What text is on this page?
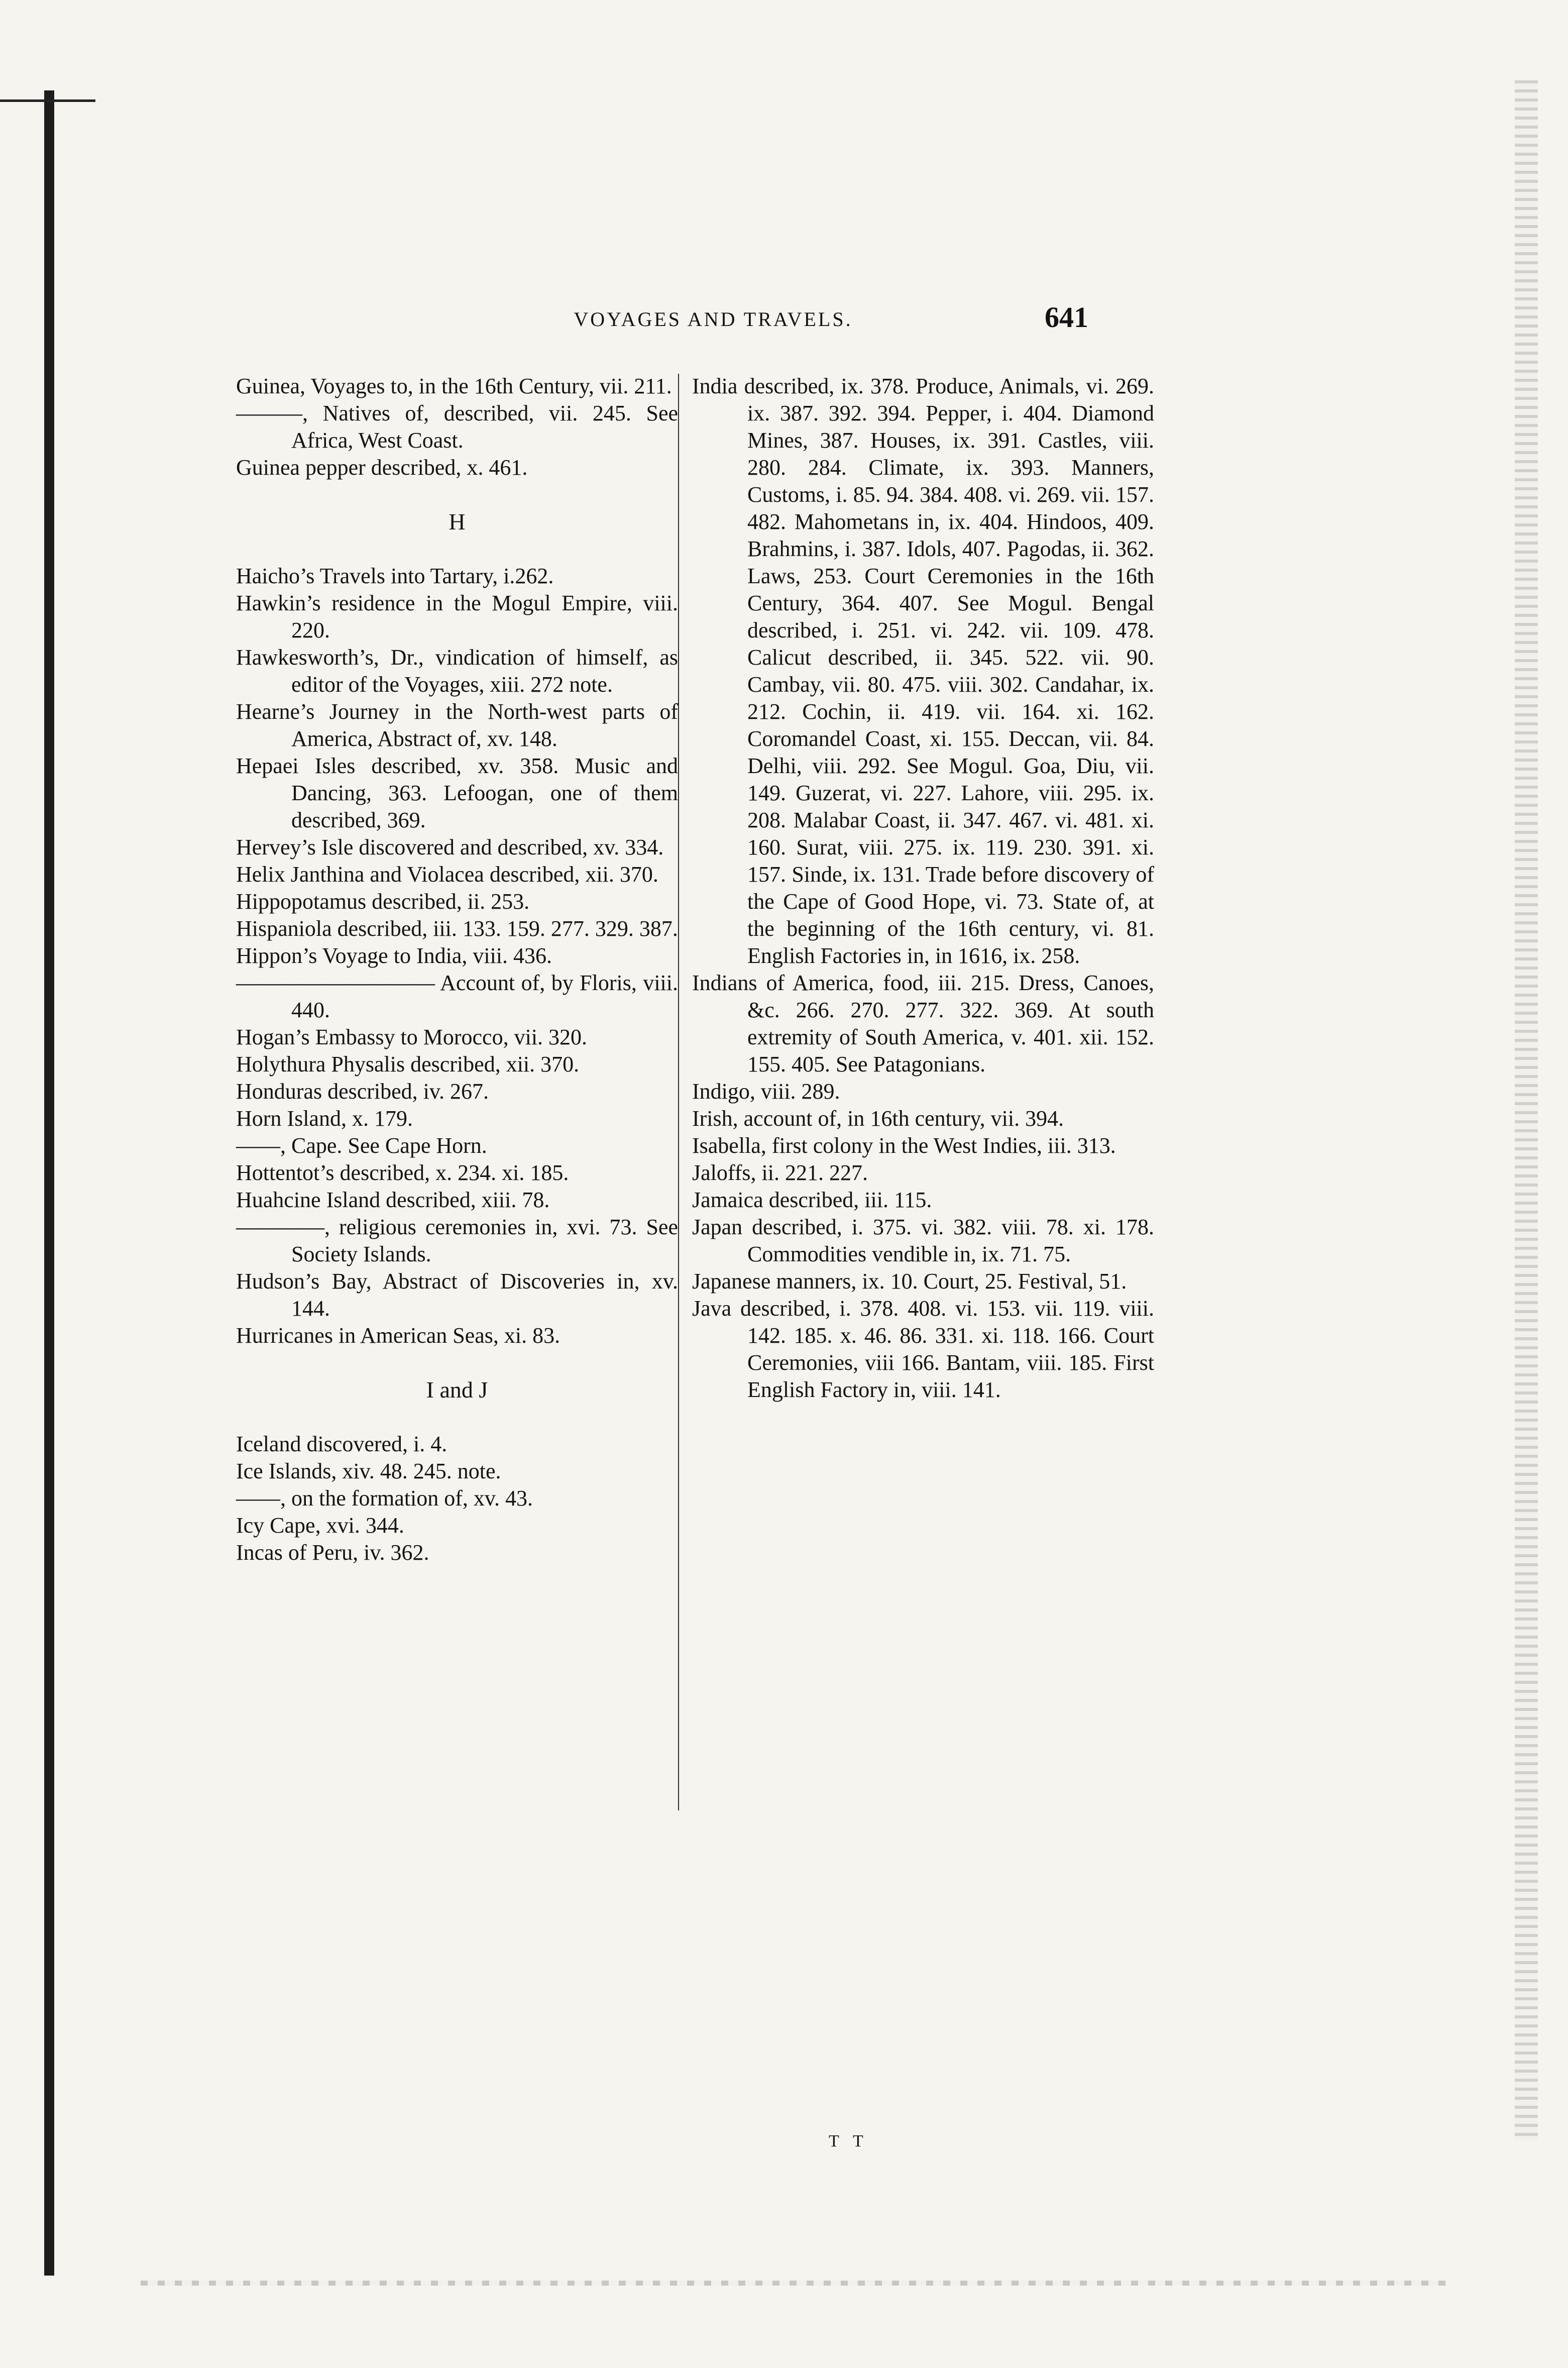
VOYAGES AND TRAVELS.	641

Guinea, Voyages to, in the 16th Century, vii. 211.

———, Natives of, described, vii. 245. See Africa, West Coast.

Guinea pepper described, x. 461.

H

Haicho’s Travels into Tartary, i.262.

Hawkin’s residence in the Mogul Empire, viii. 220.

Hawkesworth’s, Dr., vindication of himself, as editor of the Voyages, xiii. 272 note.

Hearne’s Journey in the North-west parts of America, Abstract of, xv. 148.

Hepaei Isles described, xv. 358. Music and Dancing, 363. Lefoogan, one of them described, 369.

Hervey’s Isle discovered and described, xv. 334.

Helix Janthina and Violacea described, xii. 370.

Hippopotamus described, ii. 253.

Hispaniola described, iii. 133. 159. 277. 329. 387.

Hippon’s Voyage to India, viii. 436.

————————— Account of, by Floris, viii. 440.

Hogan’s Embassy to Morocco, vii. 320.

Holythura Physalis described, xii. 370.

Honduras described, iv. 267.

Horn Island, x. 179.

——, Cape. See Cape Horn.

Hottentot’s described, x. 234. xi. 185.

Huahcine Island described, xiii. 78.

————, religious ceremonies in, xvi. 73. See Society Islands.

Hudson’s Bay, Abstract of Discoveries in, xv. 144.

Hurricanes in American Seas, xi. 83.

I and J

Iceland discovered, i. 4.

Ice Islands, xiv. 48. 245. note.

——, on the formation of, xv. 43.

Icy Cape, xvi. 344.

Incas of Peru, iv. 362.

India described, ix. 378. Produce, Animals, vi. 269. ix. 387. 392. 394. Pepper, i. 404. Diamond Mines, 387. Houses, ix. 391. Castles, viii. 280. 284. Climate, ix. 393. Manners, Customs, i. 85. 94. 384. 408. vi. 269. vii. 157. 482. Mahometans in, ix. 404. Hindoos, 409. Brahmins, i. 387. Idols, 407. Pagodas, ii. 362. Laws, 253. Court Ceremonies in the 16th Century, 364. 407. See Mogul. Bengal described, i. 251. vi. 242. vii. 109. 478. Calicut described, ii. 345. 522. vii. 90. Cambay, vii. 80. 475. viii. 302. Candahar, ix. 212. Cochin, ii. 419. vii. 164. xi. 162. Coromandel Coast, xi. 155. Deccan, vii. 84. Delhi, viii. 292. See Mogul. Goa, Diu, vii. 149. Guzerat, vi. 227. Lahore, viii. 295. ix. 208. Malabar Coast, ii. 347. 467. vi. 481. xi. 160. Surat, viii. 275. ix. 119. 230. 391. xi. 157. Sinde, ix. 131. Trade before discovery of the Cape of Good Hope, vi. 73. State of, at the beginning of the 16th century, vi. 81. English Factories in, in 1616, ix. 258.

Indians of America, food, iii. 215. Dress, Canoes, &c. 266. 270. 277. 322. 369. At south extremity of South America, v. 401. xii. 152. 155. 405. See Patagonians.

Indigo, viii. 289.

Irish, account of, in 16th century, vii. 394.

Isabella, first colony in the West Indies, iii. 313.

Jaloffs, ii. 221. 227.

Jamaica described, iii. 115.

Japan described, i. 375. vi. 382. viii. 78. xi. 178. Commodities vendible in, ix. 71. 75.

Japanese manners, ix. 10. Court, 25. Festival, 51.

Java described, i. 378. 408. vi. 153. vii. 119. viii. 142. 185. x. 46. 86. 331. xi. 118. 166. Court Ceremonies, viii 166. Bantam, viii. 185. First English Factory in, viii. 141.

T T
